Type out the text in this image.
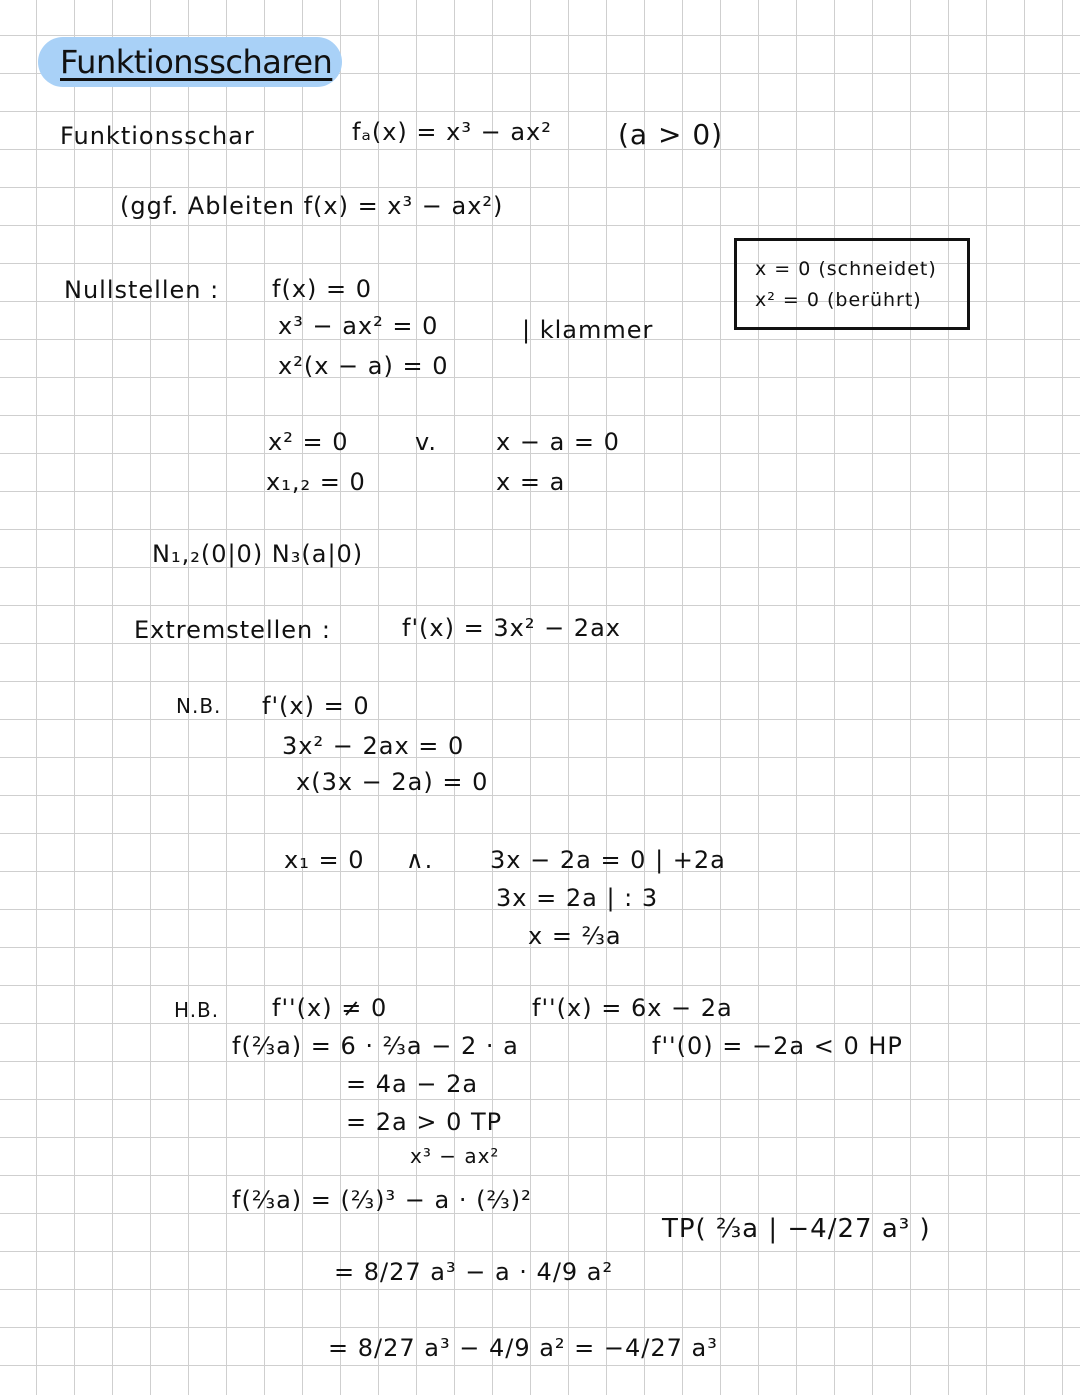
Funktionsscharen
Funktionsschar	fₐ(x) = x³ − ax² (a > 0)
(ggf. Ableiten f(x) = x³ − ax²)
x = 0 (schneidet)
x² = 0 (berührt)
Nullstellen : f(x) = 0
x³ − ax² = 0	| klammer
x²(x − a) = 0
x² = 0	v. x − a = 0
x₁,₂ = 0	x = a
N₁,₂(0|0) N₃(a|0)
Extremstellen :	f'(x) = 3x² − 2ax
N.B. f'(x) = 0
3x² − 2ax = 0
x(3x − 2a) = 0
x₁ = 0 ∧. 3x − 2a = 0 | +2a
3x = 2a | : 3
x = ⅔a
H.B. f''(x) ≠ 0	f''(x) = 6x − 2a
f(⅔a) = 6 · ⅔a − 2 · a	f''(0) = −2a < 0 HP
= 4a − 2a
= 2a > 0 TP
x³ − ax²
f(⅔a) = (⅔)³ − a · (⅔)²
TP( ⅔a | −4/27 a³ )
= 8/27 a³ − a · 4/9 a²
= 8/27 a³ − 4/9 a² = −4/27 a³
